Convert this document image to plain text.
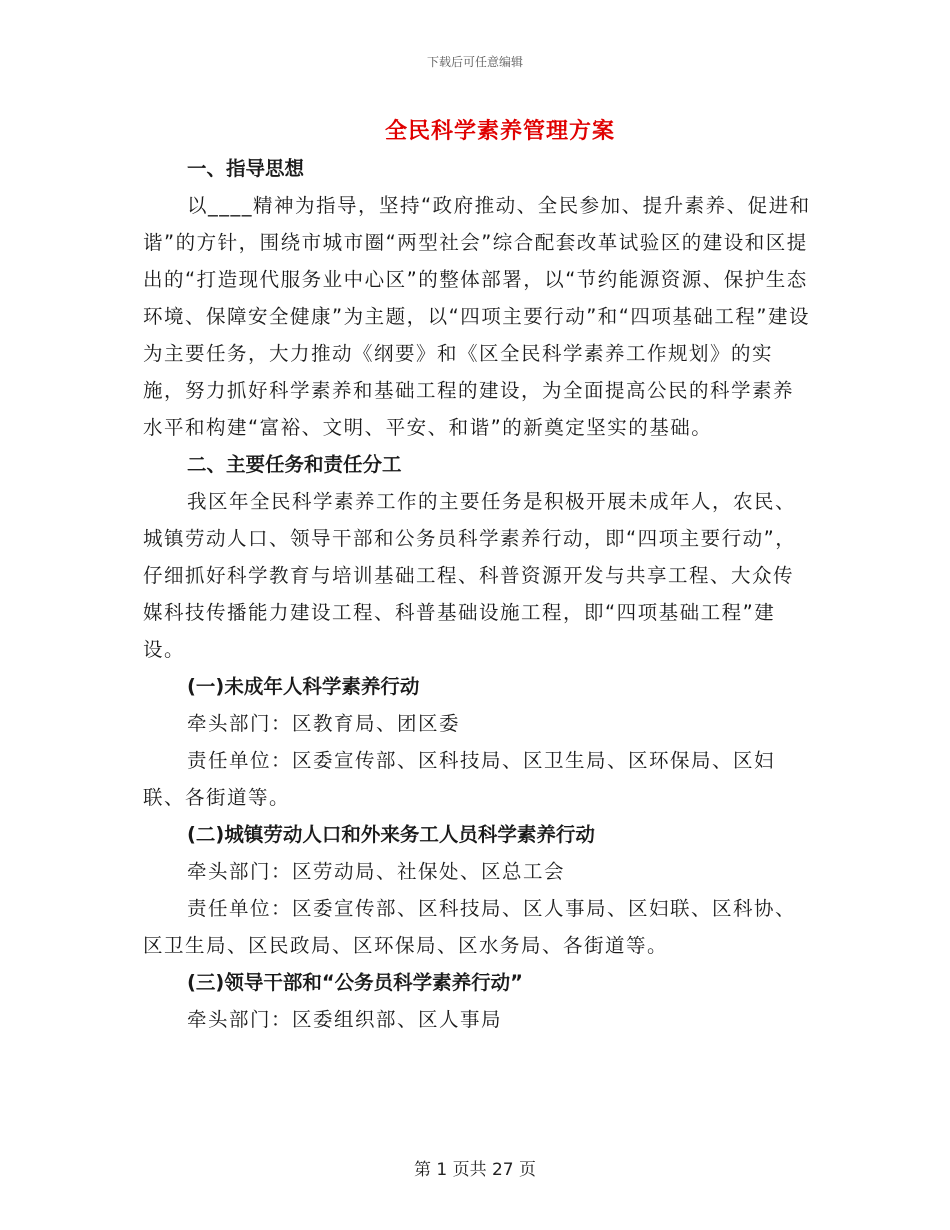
下载后可任意编辑
全民科学素养管理方案

一、指导思想

以____精神为指导，坚持“政府推动、全民参加、提升素养、促进和谐”的方针，围绕市城市圈“两型社会”综合配套改革试验区的建设和区提出的“打造现代服务业中心区”的整体部署，以“节约能源资源、保护生态环境、保障安全健康”为主题，以“四项主要行动”和“四项基础工程”建设为主要任务，大力推动《纲要》和《区全民科学素养工作规划》的实施，努力抓好科学素养和基础工程的建设，为全面提高公民的科学素养水平和构建“富裕、文明、平安、和谐”的新奠定坚实的基础。

二、主要任务和责任分工

我区年全民科学素养工作的主要任务是积极开展未成年人，农民、城镇劳动人口、领导干部和公务员科学素养行动，即“四项主要行动”，仔细抓好科学教育与培训基础工程、科普资源开发与共享工程、大众传媒科技传播能力建设工程、科普基础设施工程，即“四项基础工程”建设。

(一)未成年人科学素养行动

牵头部门：区教育局、团区委

责任单位：区委宣传部、区科技局、区卫生局、区环保局、区妇联、各街道等。

(二)城镇劳动人口和外来务工人员科学素养行动

牵头部门：区劳动局、社保处、区总工会

责任单位：区委宣传部、区科技局、区人事局、区妇联、区科协、区卫生局、区民政局、区环保局、区水务局、各街道等。

(三)领导干部和“公务员科学素养行动”

牵头部门：区委组织部、区人事局

第 1 页共 27 页
